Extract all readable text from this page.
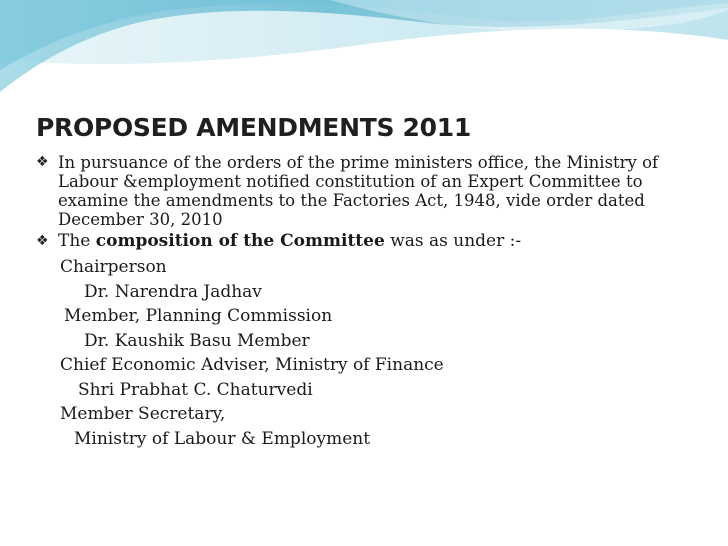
PROPOSED AMENDMENTS 2011
❖ In pursuance of the orders of the prime ministers office, the Ministry of Labour &employment notified constitution of an Expert Committee to examine the amendments to the Factories Act, 1948, vide order dated December 30, 2010
❖ The composition of the Committee was as under :-
Chairperson
Dr. Narendra Jadhav
Member, Planning Commission
Dr. Kaushik Basu Member
Chief Economic Adviser, Ministry of Finance
Shri Prabhat C. Chaturvedi
Member Secretary,
Ministry of Labour & Employment
